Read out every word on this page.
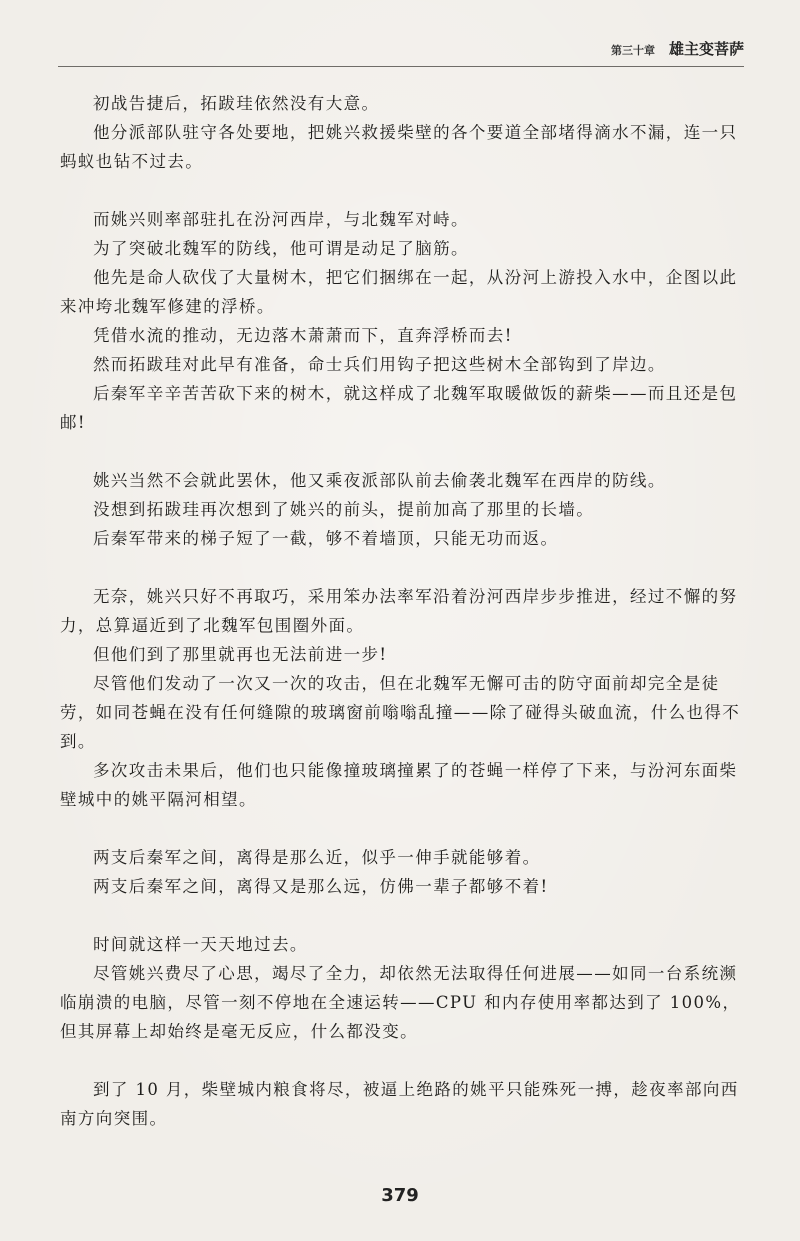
第三十章 雄主变菩萨

初战告捷后，拓跋珪依然没有大意。

他分派部队驻守各处要地，把姚兴救援柴壁的各个要道全部堵得滴水不漏，连一只蚂蚁也钻不过去。

而姚兴则率部驻扎在汾河西岸，与北魏军对峙。

为了突破北魏军的防线，他可谓是动足了脑筋。

他先是命人砍伐了大量树木，把它们捆绑在一起，从汾河上游投入水中，企图以此来冲垮北魏军修建的浮桥。

凭借水流的推动，无边落木萧萧而下，直奔浮桥而去!

然而拓跋珪对此早有准备，命士兵们用钩子把这些树木全部钩到了岸边。

后秦军辛辛苦苦砍下来的树木，就这样成了北魏军取暖做饭的薪柴——而且还是包邮!

姚兴当然不会就此罢休，他又乘夜派部队前去偷袭北魏军在西岸的防线。

没想到拓跋珪再次想到了姚兴的前头，提前加高了那里的长墙。

后秦军带来的梯子短了一截，够不着墙顶，只能无功而返。

无奈，姚兴只好不再取巧，采用笨办法率军沿着汾河西岸步步推进，经过不懈的努力，总算逼近到了北魏军包围圈外面。

但他们到了那里就再也无法前进一步!

尽管他们发动了一次又一次的攻击，但在北魏军无懈可击的防守面前却完全是徒劳，如同苍蝇在没有任何缝隙的玻璃窗前嗡嗡乱撞——除了碰得头破血流，什么也得不到。

多次攻击未果后，他们也只能像撞玻璃撞累了的苍蝇一样停了下来，与汾河东面柴壁城中的姚平隔河相望。

两支后秦军之间，离得是那么近，似乎一伸手就能够着。

两支后秦军之间，离得又是那么远，仿佛一辈子都够不着!

时间就这样一天天地过去。

尽管姚兴费尽了心思，竭尽了全力，却依然无法取得任何进展——如同一台系统濒临崩溃的电脑，尽管一刻不停地在全速运转——CPU 和内存使用率都达到了 100%，但其屏幕上却始终是毫无反应，什么都没变。

到了 10 月，柴壁城内粮食将尽，被逼上绝路的姚平只能殊死一搏，趁夜率部向西南方向突围。

379
